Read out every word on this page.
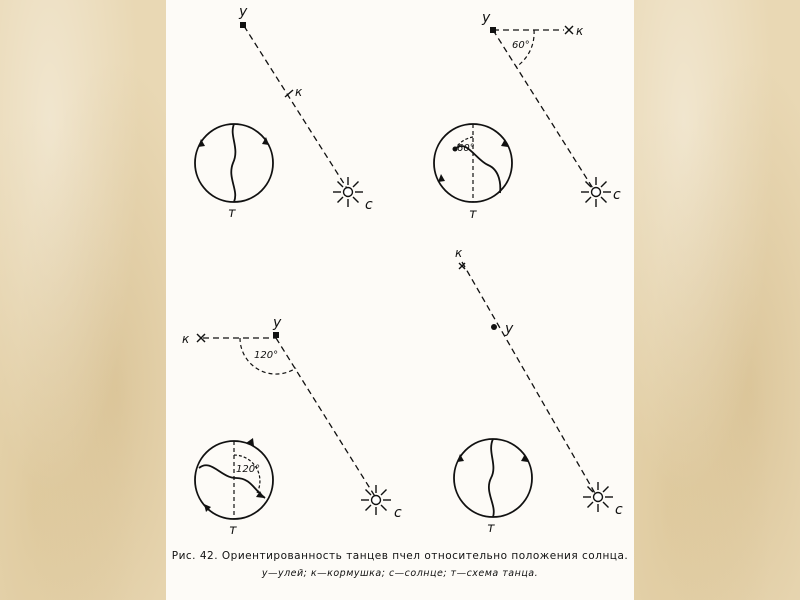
у
к
с
т
у
к
60°
с
60°
т
у
к
120°
с
120°
т
к
у
с
т
Рис. 42. Ориентированность танцев пчел относительно положения солнца.
у—улей; к—кормушка; с—солнце; т—схема танца.
